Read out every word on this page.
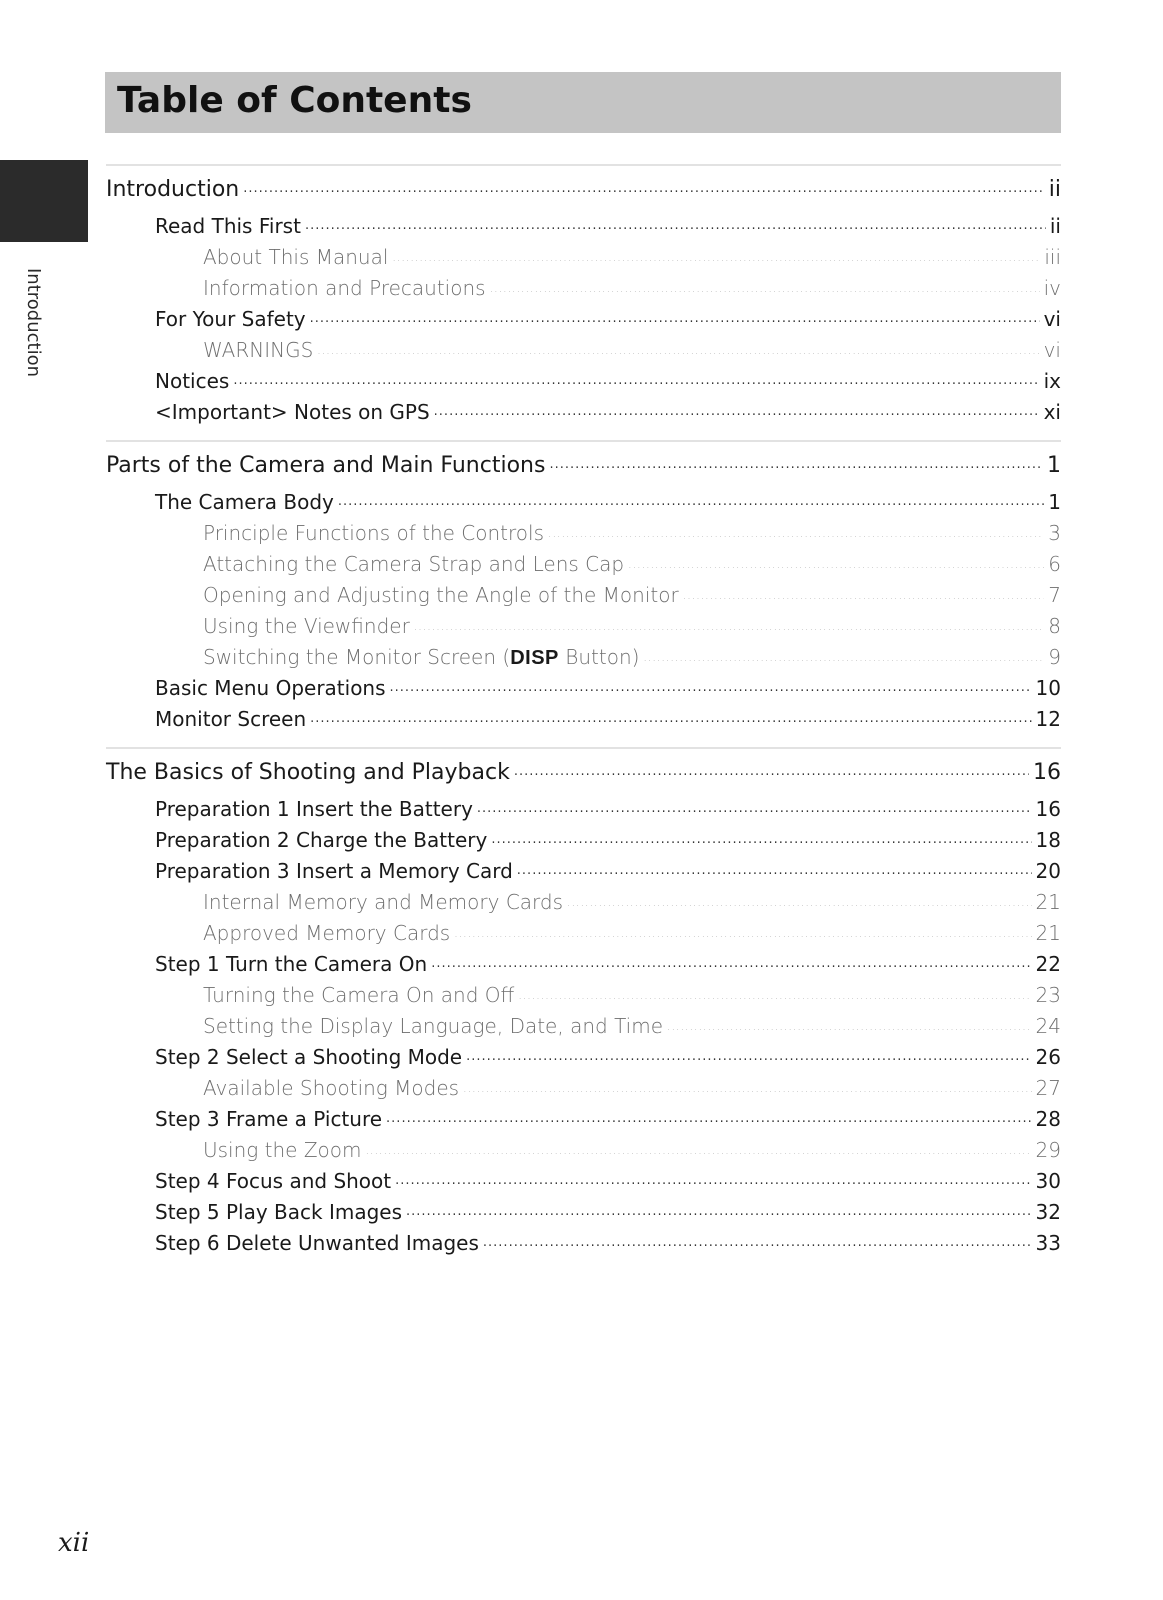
Introduction
Table of Contents
Introduction .....	ii
Read This First .....	ii
About This Manual .....	iii
Information and Precautions .....	iv
For Your Safety .....	vi
WARNINGS .....	vi
Notices .....	ix
<Important> Notes on GPS .....	xi
Parts of the Camera and Main Functions .....	1
The Camera Body .....	1
Principle Functions of the Controls .....	3
Attaching the Camera Strap and Lens Cap .....	6
Opening and Adjusting the Angle of the Monitor .....	7
Using the Viewfinder .....	8
Switching the Monitor Screen (DISP Button) .....	9
Basic Menu Operations .....	10
Monitor Screen .....	12
The Basics of Shooting and Playback .....	16
Preparation 1 Insert the Battery .....	16
Preparation 2 Charge the Battery .....	18
Preparation 3 Insert a Memory Card .....	20
Internal Memory and Memory Cards .....	21
Approved Memory Cards .....	21
Step 1 Turn the Camera On .....	22
Turning the Camera On and Off .....	23
Setting the Display Language, Date, and Time .....	24
Step 2 Select a Shooting Mode .....	26
Available Shooting Modes .....	27
Step 3 Frame a Picture .....	28
Using the Zoom .....	29
Step 4 Focus and Shoot .....	30
Step 5 Play Back Images .....	32
Step 6 Delete Unwanted Images .....	33
xii
